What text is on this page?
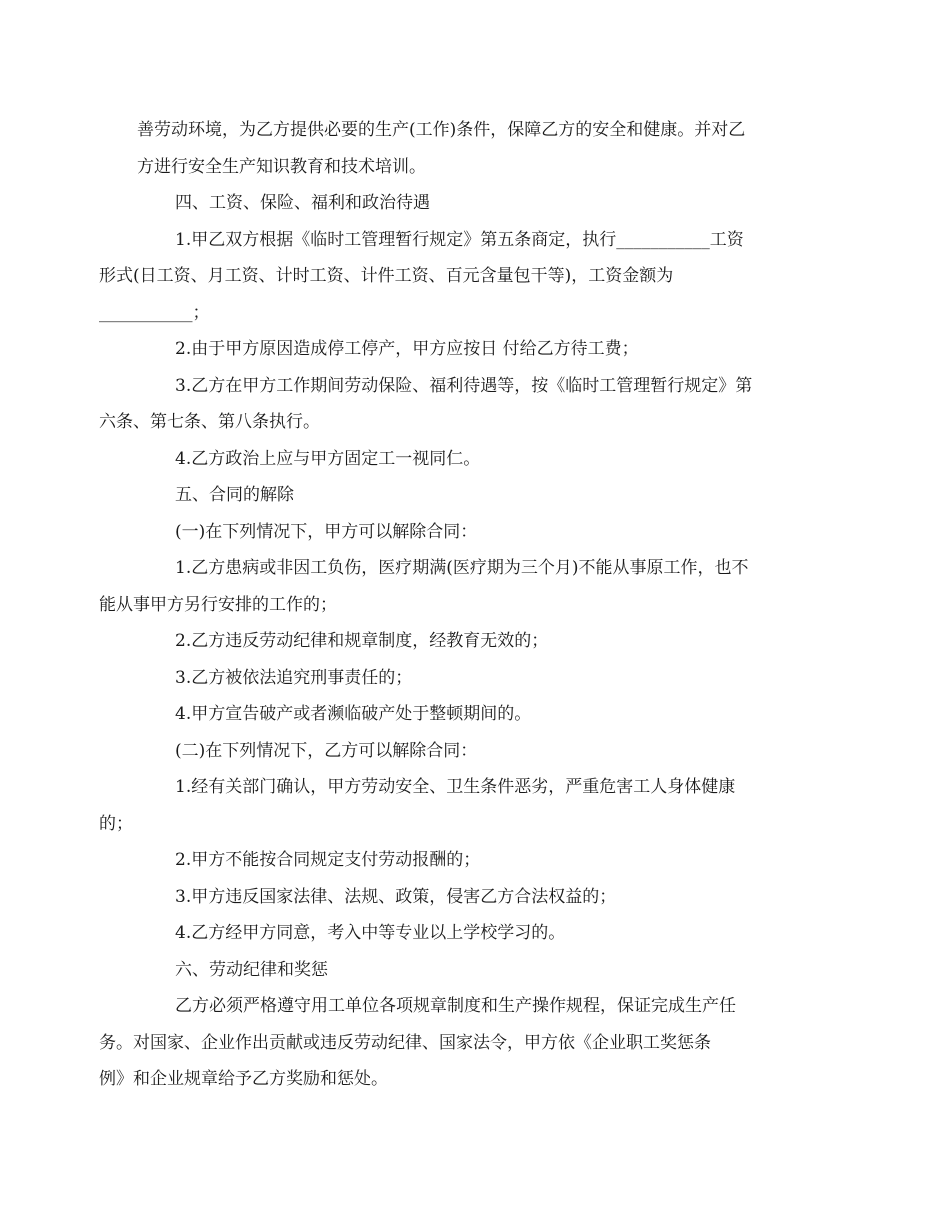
善劳动环境，为乙方提供必要的生产(工作)条件，保障乙方的安全和健康。并对乙
方进行安全生产知识教育和技术培训。

四、工资、保险、福利和政治待遇

1.甲乙双方根据《临时工管理暂行规定》第五条商定，执行___________工资
形式(日工资、月工资、计时工资、计件工资、百元含量包干等)，工资金额为
___________；

2.由于甲方原因造成停工停产，甲方应按日 付给乙方待工费；

3.乙方在甲方工作期间劳动保险、福利待遇等，按《临时工管理暂行规定》第
六条、第七条、第八条执行。

4.乙方政治上应与甲方固定工一视同仁。

五、合同的解除

(一)在下列情况下，甲方可以解除合同：

1.乙方患病或非因工负伤，医疗期满(医疗期为三个月)不能从事原工作，也不
能从事甲方另行安排的工作的；

2.乙方违反劳动纪律和规章制度，经教育无效的；

3.乙方被依法追究刑事责任的；

4.甲方宣告破产或者濒临破产处于整顿期间的。

(二)在下列情况下，乙方可以解除合同：

1.经有关部门确认，甲方劳动安全、卫生条件恶劣，严重危害工人身体健康
的；

2.甲方不能按合同规定支付劳动报酬的；

3.甲方违反国家法律、法规、政策，侵害乙方合法权益的；

4.乙方经甲方同意，考入中等专业以上学校学习的。

六、劳动纪律和奖惩

乙方必须严格遵守用工单位各项规章制度和生产操作规程，保证完成生产任
务。对国家、企业作出贡献或违反劳动纪律、国家法令，甲方依《企业职工奖惩条
例》和企业规章给予乙方奖励和惩处。
